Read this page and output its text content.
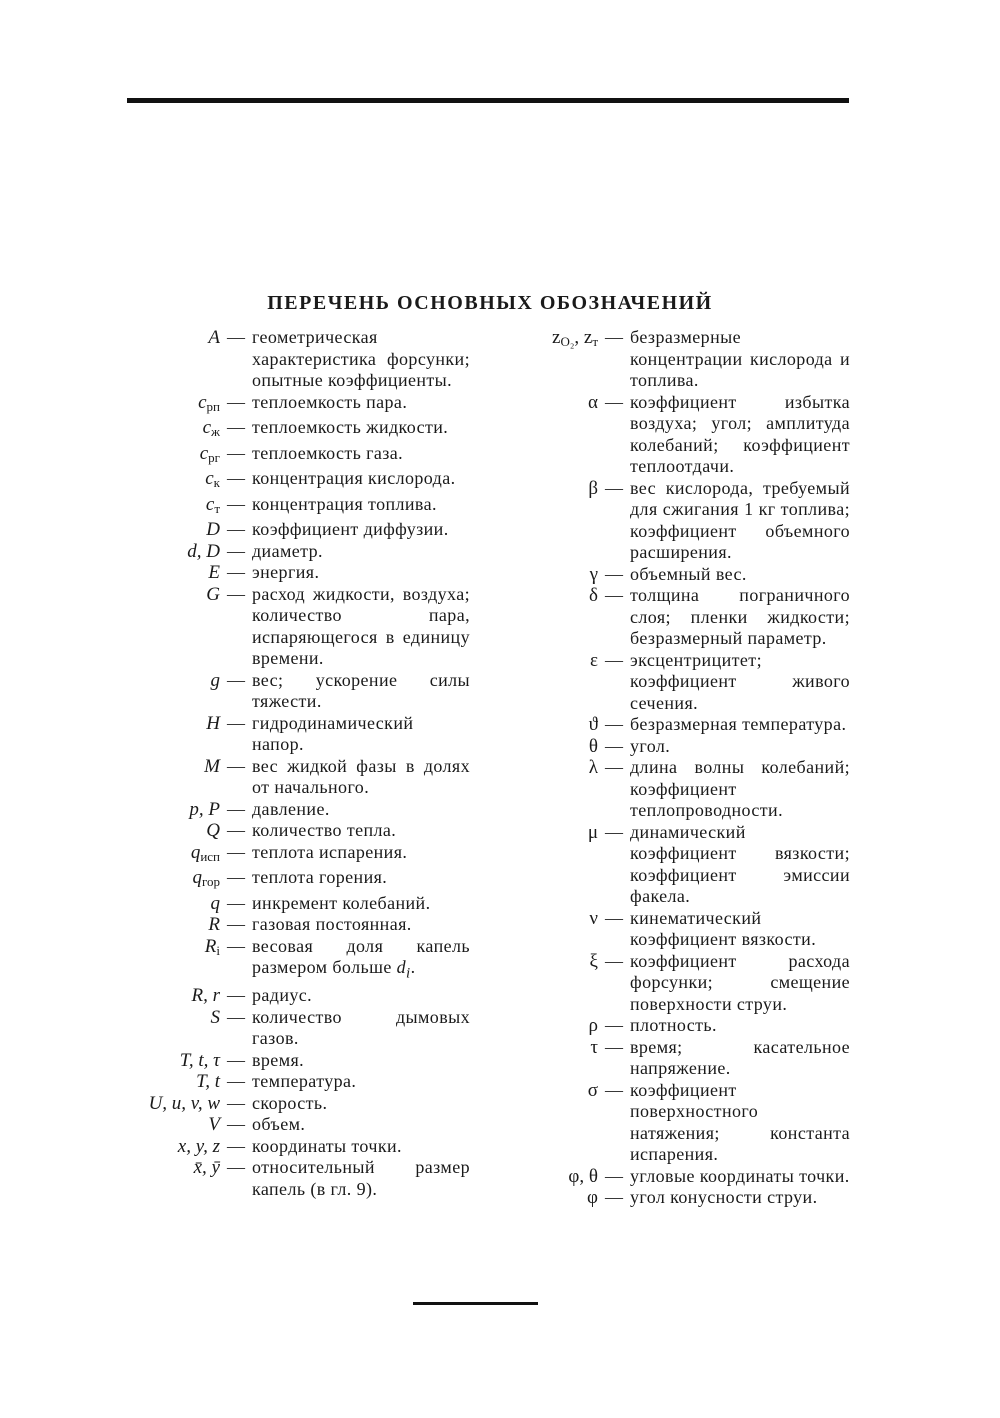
ПЕРЕЧЕНЬ ОСНОВНЫХ ОБОЗНАЧЕНИЙ
A — геометрическая характеристика форсунки; опытные коэффициенты.
$c_{рп}$ — теплоемкость пара.
$c_ж$ — теплоемкость жидкости.
$c_{рг}$ — теплоемкость газа.
$c_к$ — концентрация кислорода.
$c_т$ — концентрация топлива.
D — коэффициент диффузии.
d, D — диаметр.
E — энергия.
G — расход жидкости, воздуха; количество пара, испаряющегося в единицу времени.
g — вес; ускорение силы тяжести.
H — гидродинамический напор.
M — вес жидкой фазы в долях от начального.
p, P — давление.
Q — количество тепла.
$q_{исп}$ — теплота испарения.
$q_{гор}$ — теплота горения.
q — инкремент колебаний.
R — газовая постоянная.
$R_i$ — весовая доля капель размером больше $d_i$.
R, r — радиус.
S — количество дымовых газов.
T, t, τ — время.
T, t — температура.
U, u, v, w — скорость.
V — объем.
x, y, z — координаты точки.
x̄, ȳ — относительный размер капель (в гл. 9).
$z_{O_2}$, $z_т$ — безразмерные концентрации кислорода и топлива.
α — коэффициент избытка воздуха; угол; амплитуда колебаний; коэффициент теплоотдачи.
β — вес кислорода, требуемый для сжигания 1 кг топлива; коэффициент объемного расширения.
γ — объемный вес.
δ — толщина пограничного слоя; пленки жидкости; безразмерный параметр.
ε — эксцентрицитет; коэффициент живого сечения.
ϑ — безразмерная температура.
θ — угол.
λ — длина волны колебаний; коэффициент теплопроводности.
μ — динамический коэффициент вязкости; коэффициент эмиссии факела.
ν — кинематический коэффициент вязкости.
ξ — коэффициент расхода форсунки; смещение поверхности струи.
ρ — плотность.
τ — время; касательное напряжение.
σ — коэффициент поверхностного натяжения; константа испарения.
φ, θ — угловые координаты точки.
φ — угол конусности струи.
